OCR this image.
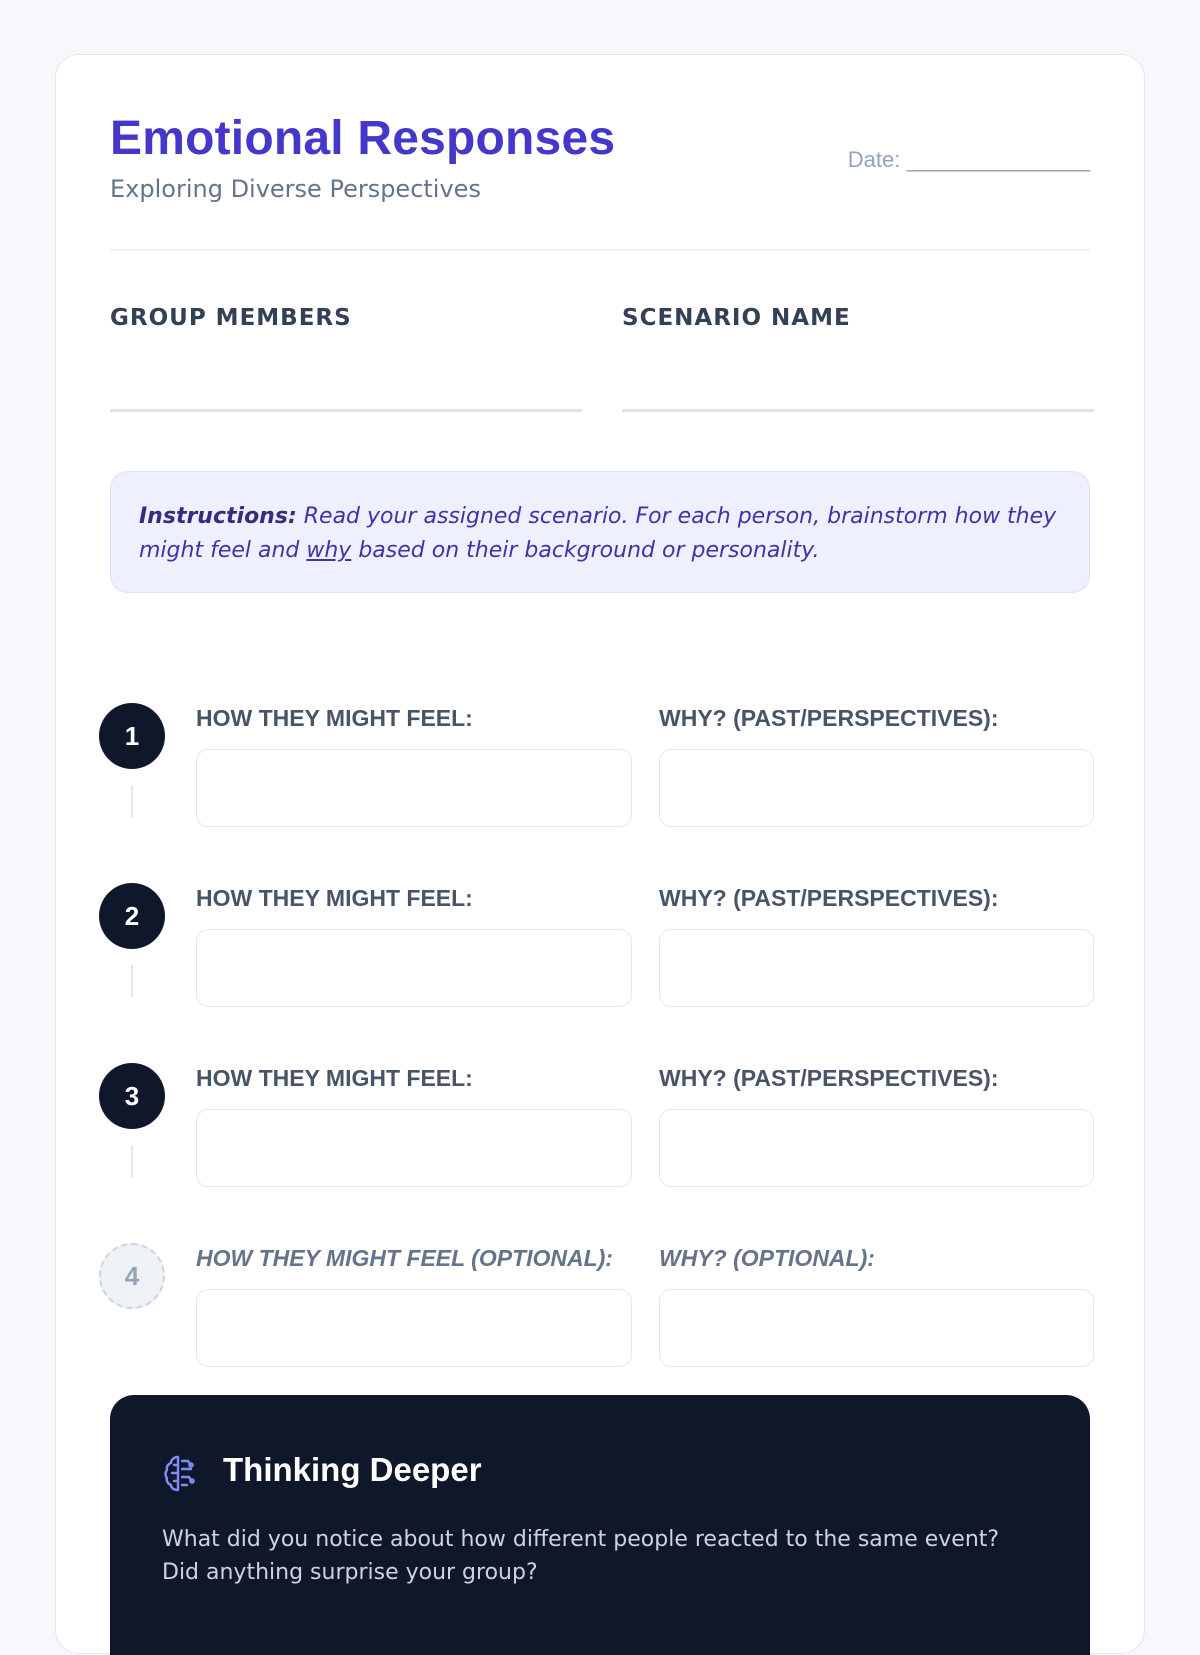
Emotional Responses
Exploring Diverse Perspectives
Date: _______________
GROUP MEMBERS	SCENARIO NAME
Instructions: Read your assigned scenario. For each person, brainstorm how they might feel and why based on their background or personality.
1
HOW THEY MIGHT FEEL:	WHY? (PAST/PERSPECTIVES):
2
HOW THEY MIGHT FEEL:	WHY? (PAST/PERSPECTIVES):
3
HOW THEY MIGHT FEEL:	WHY? (PAST/PERSPECTIVES):
4
HOW THEY MIGHT FEEL (OPTIONAL): WHY? (OPTIONAL):
Thinking Deeper
What did you notice about how different people reacted to the same event? Did anything surprise your group?
